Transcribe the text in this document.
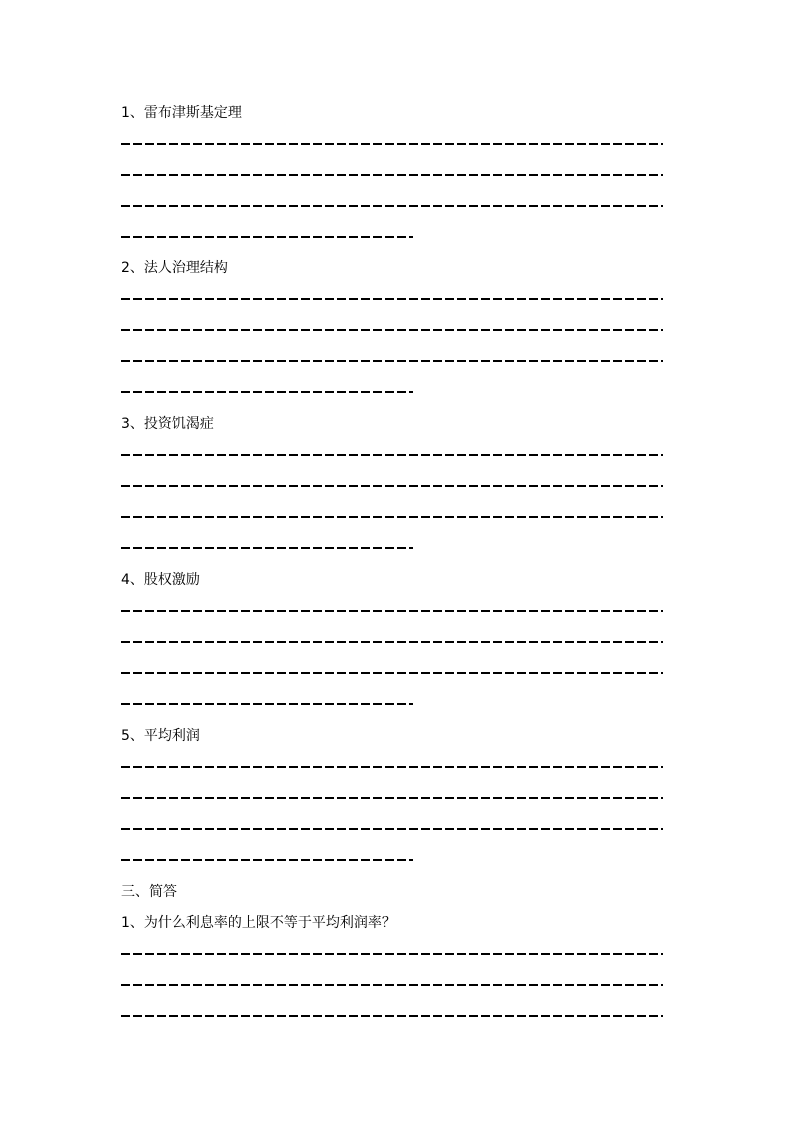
1、雷布津斯基定理
2、法人治理结构
3、投资饥渴症
4、股权激励
5、平均利润
三、简答
1、为什么利息率的上限不等于平均利润率？
